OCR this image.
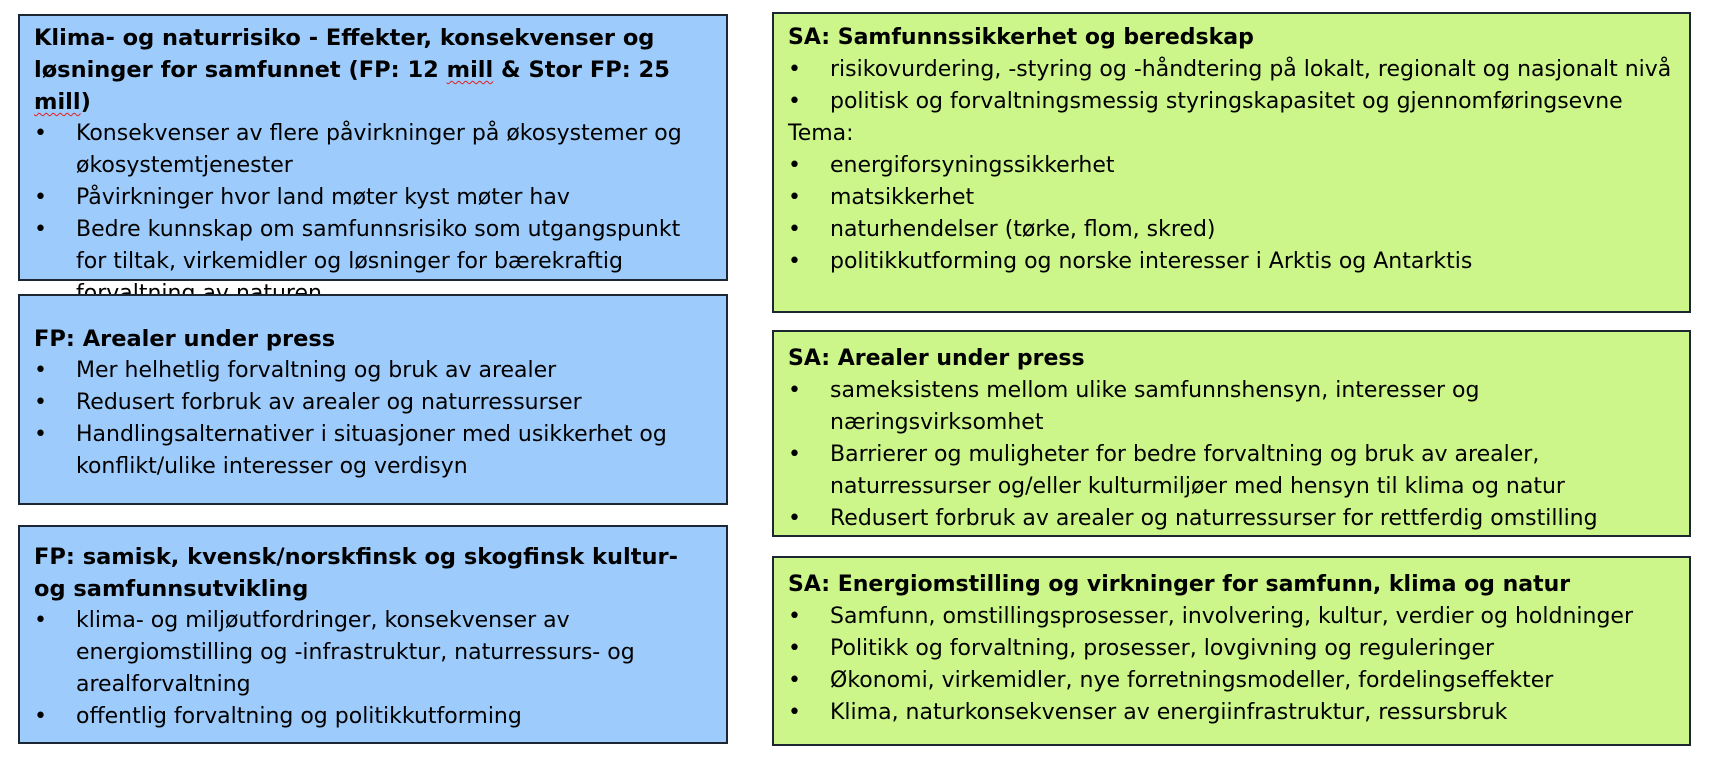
Klima- og naturrisiko - Effekter, konsekvenser og løsninger for samfunnet (FP: 12 mill & Stor FP: 25 mill)

• Konsekvenser av flere påvirkninger på økosystemer og økosystemtjenester
• Påvirkninger hvor land møter kyst møter hav
• Bedre kunnskap om samfunnsrisiko som utgangspunkt for tiltak, virkemidler og løsninger for bærekraftig

FP: Arealer under press

• Mer helhetlig forvaltning og bruk av arealer
• Redusert forbruk av arealer og naturressurser
• Handlingsalternativer i situasjoner med usikkerhet og konflikt/ulike interesser og verdisyn

FP: samisk, kvensk/norskfinsk og skogfinsk kultur- og samfunnsutvikling

• klima- og miljøutfordringer, konsekvenser av energiomstilling og -infrastruktur, naturressurs- og arealforvaltning
• offentlig forvaltning og politikkutforming

SA: Samfunnssikkerhet og beredskap

• risikovurdering, -styring og -håndtering på lokalt, regionalt og nasjonalt nivå
• politisk og forvaltningsmessig styringskapasitet og gjennomføringsevne

Tema:

• energiforsyningssikkerhet
• matsikkerhet
• naturhendelser (tørke, flom, skred)
• politikkutforming og norske interesser i Arktis og Antarktis

SA: Arealer under press

• sameksistens mellom ulike samfunnshensyn, interesser og næringsvirksomhet
• Barrierer og muligheter for bedre forvaltning og bruk av arealer, naturressurser og/eller kulturmiljøer med hensyn til klima og natur
• Redusert forbruk av arealer og naturressurser for rettferdig omstilling

SA: Energiomstilling og virkninger for samfunn, klima og natur

• Samfunn, omstillingsprosesser, involvering, kultur, verdier og holdninger
• Politikk og forvaltning, prosesser, lovgivning og reguleringer
• Økonomi, virkemidler, nye forretningsmodeller, fordelingseffekter
• Klima, naturkonsekvenser av energiinfrastruktur, ressursbruk
